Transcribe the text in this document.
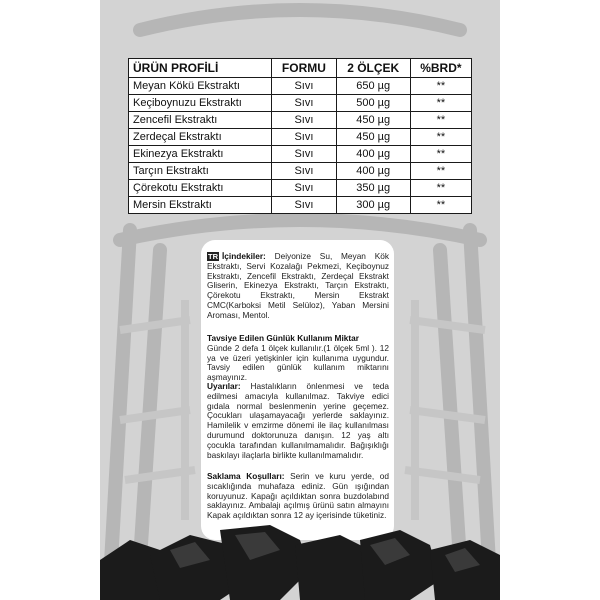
ÜRÜN PROFİLİ	FORMU	2 ÖLÇEK	%BRD*
Meyan Kökü Ekstraktı	Sıvı	650 µg	**
Keçiboynuzu Ekstraktı	Sıvı	500 µg	**
Zencefil Ekstraktı	Sıvı	450 µg	**
Zerdeçal Ekstraktı	Sıvı	450 µg	**
Ekinezya Ekstraktı	Sıvı	400 µg	**
Tarçın Ekstraktı	Sıvı	400 µg	**
Çörekotu Ekstraktı	Sıvı	350 µg	**
Mersin Ekstraktı	Sıvı	300 µg	**
TR İçindekiler: Deiyonize Su, Meyan Kök Ekstraktı, Servi Kozalağı Pekmezi, Keçiboynuz Ekstraktı, Zencefil Ekstraktı, Zerdeçal Ekstrakt Gliserin, Ekinezya Ekstraktı, Tarçın Ekstraktı, Çörekotu Ekstraktı, Mersin Ekstrakt CMC(Karboksi Metil Selüloz), Yaban Mersini Aroması, Mentol.
Tavsiye Edilen Günlük Kullanım Miktar
Günde 2 defa 1 ölçek kullanılır.(1 ölçek 5ml ). 12 ya ve üzeri yetişkinler için kullanıma uygundur. Tavsiy edilen günlük kullanım miktarını aşmayınız.
Uyarılar: Hastalıkların önlenmesi ve teda edilmesi amacıyla kullanılmaz. Takviye edici gıdala normal beslenmenin yerine geçemez. Çocukları ulaşamayacağı yerlerde saklayınız. Hamilelik v emzirme dönemi ile ilaç kullanılması durumund doktorunuza danışın. 12 yaş altı çocukla tarafından kullanılmamalıdır. Bağışıklığı baskılayı ilaçlarla birlikte kullanılmamalıdır.
Saklama Koşulları: Serin ve kuru yerde, od sıcaklığında muhafaza ediniz. Gün ışığından koruyunuz. Kapağı açıldıktan sonra buzdolabınd saklayınız. Ambalajı açılmış ürünü satın almayını Kapak açıldıktan sonra 12 ay içerisinde tüketiniz.
